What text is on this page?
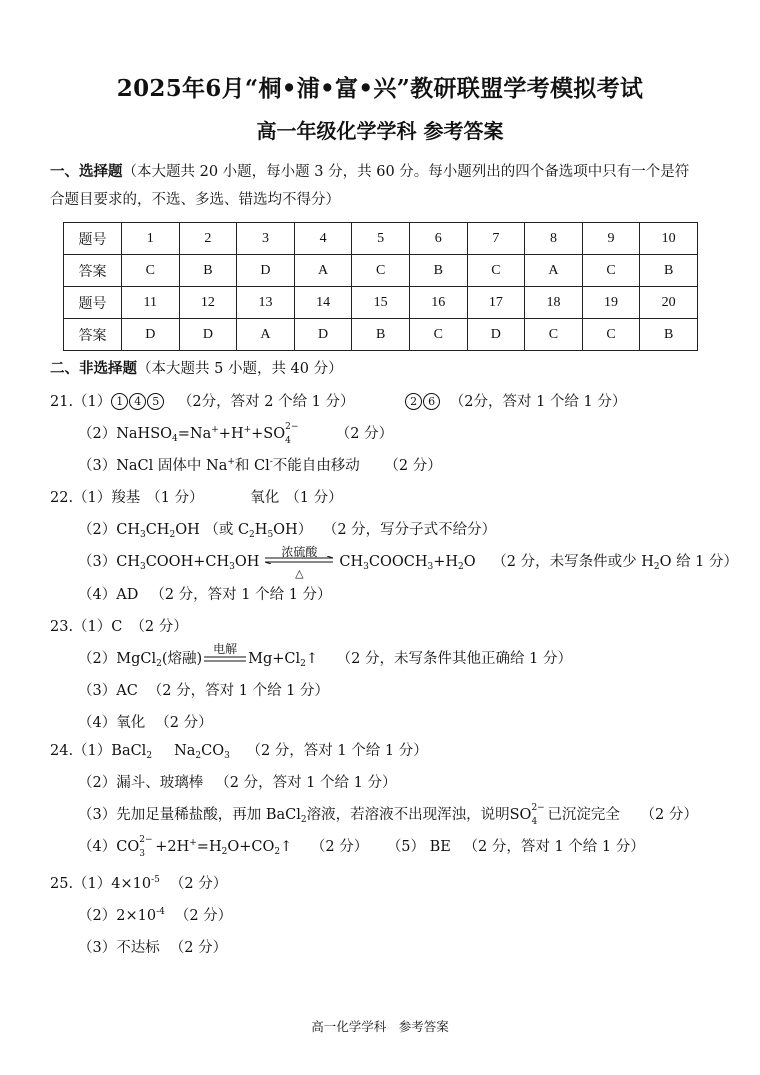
2025年6月“桐•浦•富•兴”教研联盟学考模拟考试
高一年级化学学科 参考答案
一、选择题（本大题共 20 小题，每小题 3 分，共 60 分。每小题列出的四个备选项中只有一个是符
合题目要求的，不选、多选、错选均不得分）
题号	1	2	3	4	5	6	7	8	9	10
答案	C	B	D	A	C	B	C	A	C	B
题号	11	12	13	14	15	16	17	18	19	20
答案	D	D	A	D	B	C	D	C	C	B
二、非选择题（本大题共 5 小题，共 40 分）
21.（1） 1 4 5 （2分，答对 2 个给 1 分）	2 6 （2分，答对 1 个给 1 分）
（2）NaHSO$_4$=Na++H++SO 2−
4	（2 分）
（3）NaCl 固体中 Na+和 Cl-不能自由移动 （2 分）
22.（1）羧基 （1 分）	氧化 （1 分）
$(2)CH_3CH_2OH$ （或 $C_2H_5OH$） （2 分，写分子式不给分）
$(3)CH_3COOH+CH_3OH$
浓硫酸
△
$CH_3COOCH_3+H_2O$ （2 分，未写条件或少 $H_2O$ 给 1 分）
（4）AD （2 分，答对 1 个给 1 分）
23.（1）C （2 分）
（2）MgCl$_2$(熔融)
电解
$Mg+Cl_2↑$ （2 分，未写条件其他正确给 1 分）
（3）AC （2 分，答对 1 个给 1 分）
（4）氧化 （2 分）
24.（1）BaCl$_2$ $Na_2CO_3$ （2 分，答对 1 个给 1 分）
（2）漏斗、玻璃棒 （2 分，答对 1 个给 1 分）
（3）先加足量稀盐酸，再加 BaCl$_2$溶液，若溶液不出现浑浊，说明SO 2−
4 已沉淀完全 （2 分）
（4）CO 2−
$3 +2H^+=H_2O+CO_2↑$ （2 分） （5） BE （2 分，答对 1 个给 1 分）
$25.(1)4\times 10^{-5}$ （2 分）
$(2)2\times 10^{-4}$ （2 分）
（3）不达标 （2 分）
高一化学学科　参考答案
